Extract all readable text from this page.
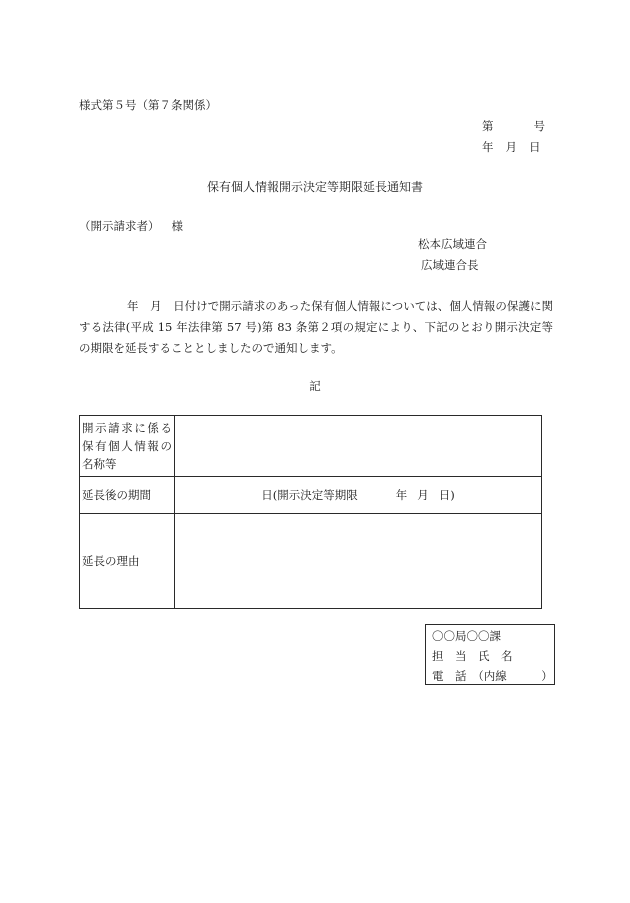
様式第５号（第７条関係）
第	号
年 月 日
保有個人情報開示決定等期限延長通知書
（開示請求者） 様
松本広域連合
広域連合長
年　月　日付けで開示請求のあった保有個人情報については、個人情報の保護に関する法律(平成 15 年法律第 57 号)第 83 条第２項の規定により、下記のとおり開示決定等の期限を延長することとしましたので通知します。
記
開示請求に係る
保有個人情報の
名称等	

延長後の期間	日(開示決定等期限 年 月 日)
延長の理由	
〇〇局〇〇課
担　当　氏　名
電　話　（内線　　　）
